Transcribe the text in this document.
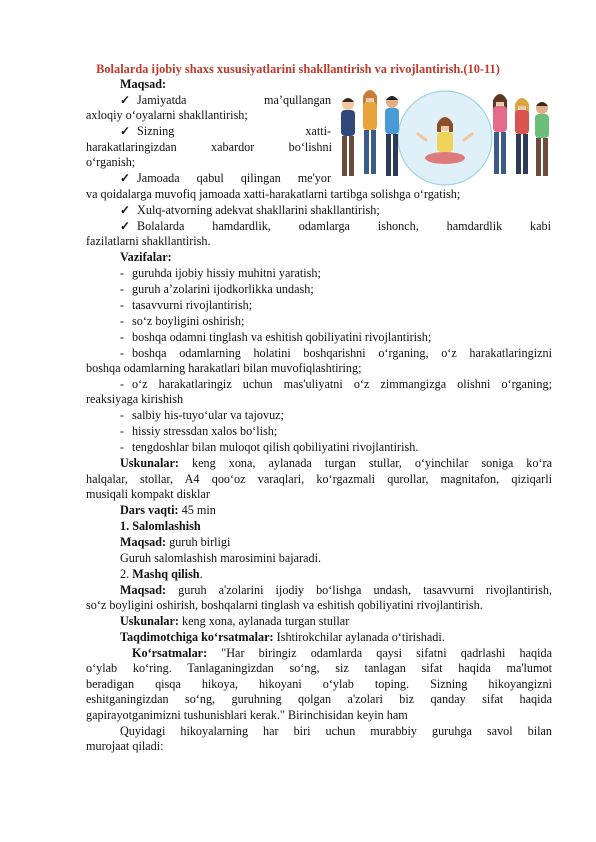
Bolalarda ijobiy shaxs xususiyatlarini shakllantirish va rivojlantirish.(10-11)
Maqsad:
✓ Jamiyatda ma’qullangan
axloqiy o‘oyalarni shakllantirish;
✓ Sizning xatti-
harakatlaringizdan xabardor bo‘lishni
o‘rganish;
✓ Jamoada qabul qilingan me'yor
va qoidalarga muvofiq jamoada xatti-harakatlarni tartibga solishga o‘rgatish;
✓ Xulq-atvorning adekvat shakllarini shakllantirish;
✓ Bolalarda hamdardlik, odamlarga ishonch, hamdardlik kabi
fazilatlarni shakllantirish.
Vazifalar:
- guruhda ijobiy hissiy muhitni yaratish;
- guruh a’zolarini ijodkorlikka undash;
- tasavvurni rivojlantirish;
- so‘z boyligini oshirish;
- boshqa odamni tinglash va eshitish qobiliyatini rivojlantirish;
- boshqa odamlarning holatini boshqarishni o‘rganing, o‘z harakatlaringizni
boshqa odamlarning harakatlari bilan muvofiqlashtiring;
- o‘z harakatlaringiz uchun mas'uliyatni o‘z zimmangizga olishni o‘rganing;
reaksiyaga kirishish
- salbiy his-tuyo‘ular va tajovuz;
- hissiy stressdan xalos bo‘lish;
- tengdoshlar bilan muloqot qilish qobiliyatini rivojlantirish.
Uskunalar: keng xona, aylanada turgan stullar, o‘yinchilar soniga ko‘ra
halqalar, stollar, A4 qoo‘oz varaqlari, ko‘rgazmali qurollar, magnitafon, qiziqarli
musiqali kompakt disklar
Dars vaqti: 45 min
1. Salomlashish
Maqsad: guruh birligi
Guruh salomlashish marosimini bajaradi.
2. Mashq qilish.
Maqsad: guruh a'zolarini ijodiy bo‘lishga undash, tasavvurni rivojlantirish,
so‘z boyligini oshirish, boshqalarni tinglash va eshitish qobiliyatini rivojlantirish.
Uskunalar: keng xona, aylanada turgan stullar
Taqdimotchiga ko‘rsatmalar: Ishtirokchilar aylanada o‘tirishadi.
Ko‘rsatmalar: "Har biringiz odamlarda qaysi sifatni qadrlashi haqida
o‘ylab ko‘ring. Tanlaganingizdan so‘ng, siz tanlagan sifat haqida ma'lumot
beradigan qisqa hikoya, hikoyani o‘ylab toping. Sizning hikoyangizni
eshitganingizdan so‘ng, guruhning qolgan a'zolari biz qanday sifat haqida
gapirayotganimizni tushunishlari kerak." Birinchisidan keyin ham
Quyidagi hikoyalarning har biri uchun murabbiy guruhga savol bilan
murojaat qiladi:
